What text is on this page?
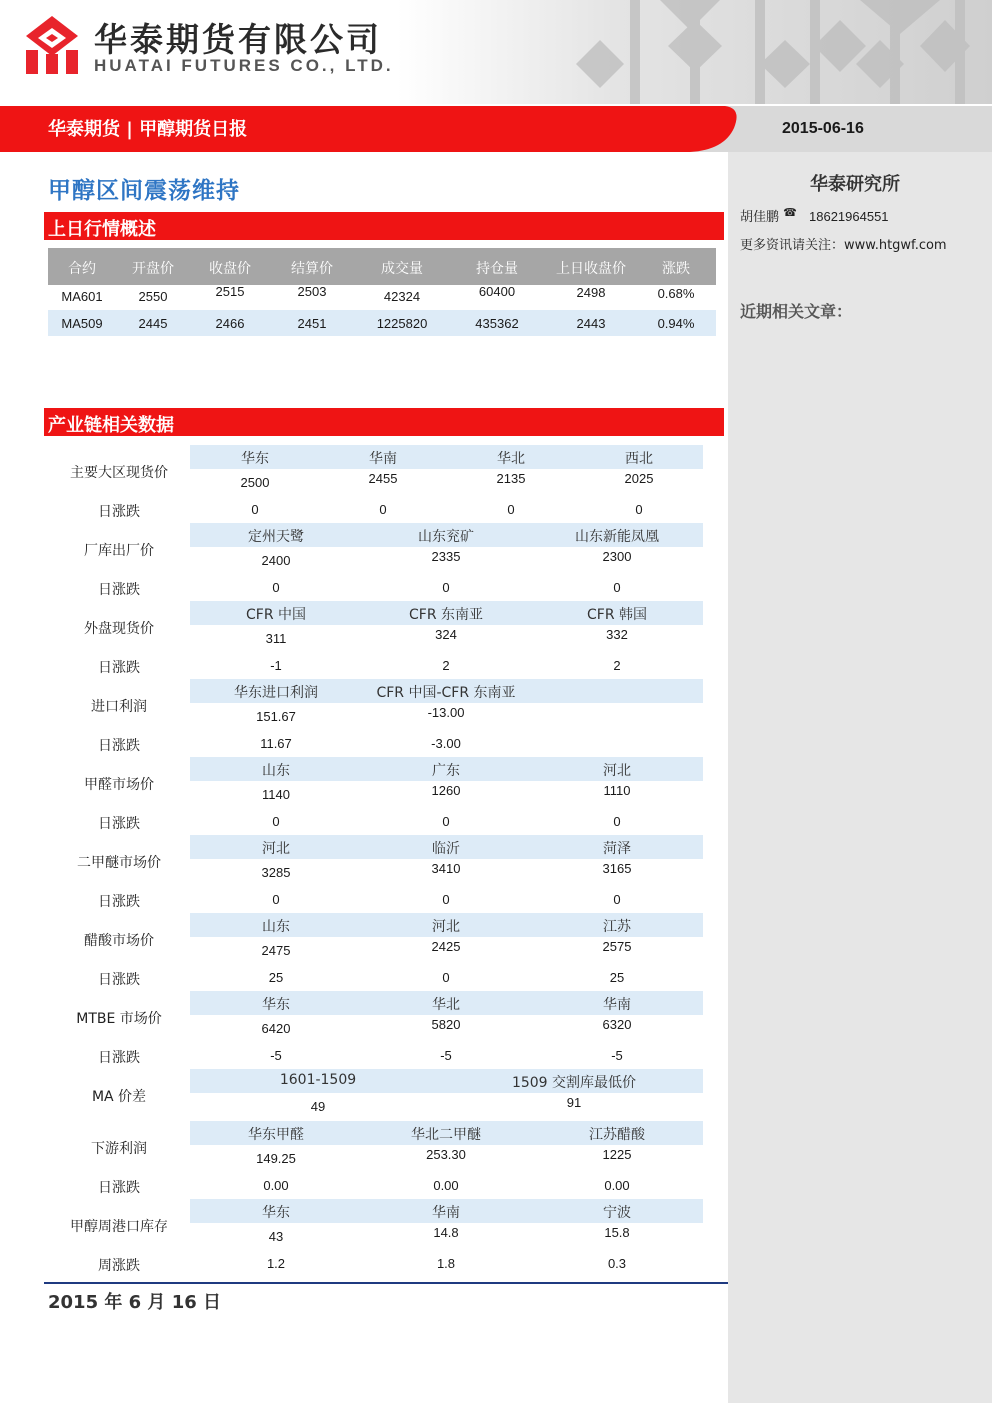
华泰期货有限公司
HUATAI FUTURES CO., LTD.
华泰期货 | 甲醇期货日报	2015-06-16
华泰研究所
胡佳鹏 ☎ 18621964551
更多资讯请关注：www.htgwf.com
近期相关文章：
甲醇区间震荡维持
上日行情概述
合约	开盘价	收盘价	结算价	成交量	持仓量	上日收盘价	涨跌
MA601	2550	2515	2503	42324	60400	2498	0.68%
MA509	2445	2466	2451	1225820	435362	2443	0.94%
产业链相关数据
主要大区现货价
华东	华南	华北	西北
2500	2455	2135	2025
日涨跌	0	0	0	0
厂库出厂价
定州天鹭	山东兖矿	山东新能凤凰
2400	2335	2300
日涨跌	0	0	0
外盘现货价
CFR 中国	CFR 东南亚	CFR 韩国
311	324	332
日涨跌	-1	2	2
进口利润
华东进口利润	CFR 中国-CFR 东南亚
151.67	-13.00
日涨跌	11.67	-3.00
甲醛市场价
山东	广东	河北
1140	1260	1110
日涨跌	0	0	0
二甲醚市场价
河北	临沂	菏泽
3285	3410	3165
日涨跌	0	0	0
醋酸市场价
山东	河北	江苏
2475	2425	2575
日涨跌	25	0	25
MTBE 市场价
华东	华北	华南
6420	5820	6320
日涨跌	-5	-5	-5
MA 价差
1601-1509	1509 交割库最低价
49	91
下游利润
华东甲醛	华北二甲醚	江苏醋酸
149.25	253.30	1225
日涨跌	0.00	0.00	0.00
甲醇周港口库存
华东	华南	宁波
43	14.8	15.8
周涨跌	1.2	1.8	0.3
2015 年 6 月 16 日
